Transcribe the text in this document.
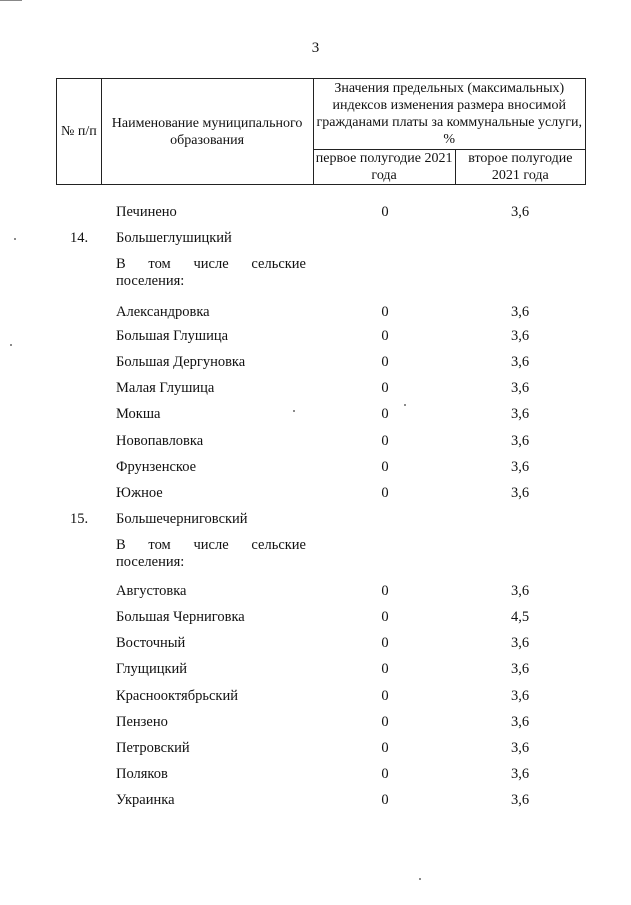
3
№ п/п	Наименование муниципального образования	Значения предельных (максимальных) индексов изменения размера вносимой гражданами платы за коммунальные услуги, %	
		первое полугодие 2021 года	второе полугодие 2021 года
Печинено	0	3,6
14.	Большеглушицкий
В том числе сельские поселения:
Александровка	0	3,6
Большая Глушица	0	3,6
Большая Дергуновка	0	3,6
Малая Глушица	0	3,6
Мокша	0	3,6
Новопавловка	0	3,6
Фрунзенское	0	3,6
Южное	0	3,6
15.	Большечерниговский
В том числе сельские поселения:
Августовка	0	3,6
Большая Черниговка	0	4,5
Восточный	0	3,6
Глущицкий	0	3,6
Краснооктябрьский	0	3,6
Пензено	0	3,6
Петровский	0	3,6
Поляков	0	3,6
Украинка	0	3,6
